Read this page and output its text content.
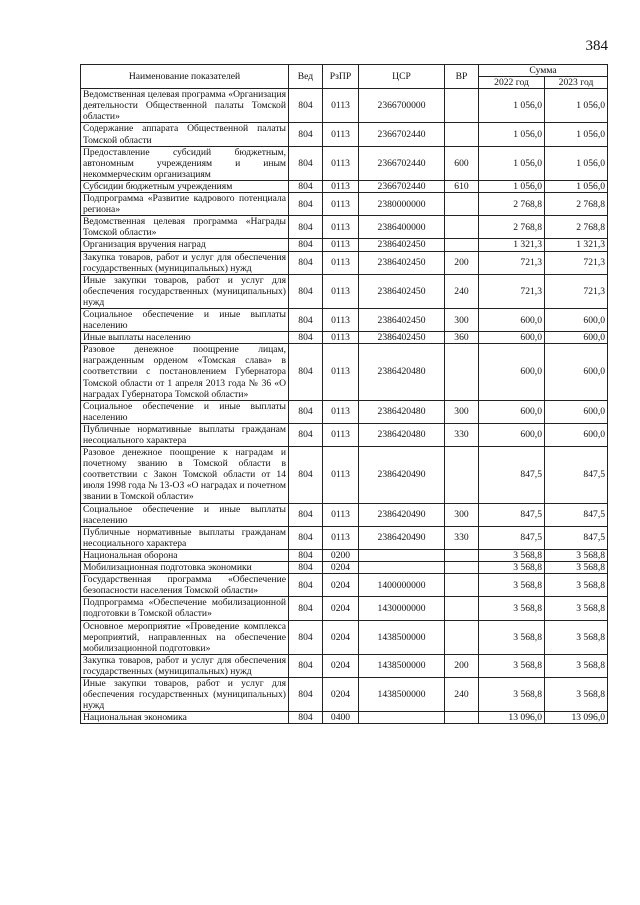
384
Наименование показателей	Вед	РзПР	ЦСР	ВР	Сумма	
					2022 год	2023 год
Ведомственная целевая программа «Организация деятельности Общественной палаты Томской области»	804	0113	2366700000		1 056,0	1 056,0
Содержание аппарата Общественной палаты Томской области	804	0113	2366702440		1 056,0	1 056,0
Предоставление субсидий бюджетным, автономным учреждениям и иным некоммерческим организациям	804	0113	2366702440	600	1 056,0	1 056,0
Субсидии бюджетным учреждениям	804	0113	2366702440	610	1 056,0	1 056,0
Подпрограмма «Развитие кадрового потенциала региона»	804	0113	2380000000		2 768,8	2 768,8
Ведомственная целевая программа «Награды Томской области»	804	0113	2386400000		2 768,8	2 768,8
Организация вручения наград	804	0113	2386402450		1 321,3	1 321,3
Закупка товаров, работ и услуг для обеспечения государственных (муниципальных) нужд	804	0113	2386402450	200	721,3	721,3
Иные закупки товаров, работ и услуг для обеспечения государственных (муниципальных) нужд	804	0113	2386402450	240	721,3	721,3
Социальное обеспечение и иные выплаты населению	804	0113	2386402450	300	600,0	600,0
Иные выплаты населению	804	0113	2386402450	360	600,0	600,0
Разовое денежное поощрение лицам, награжденным орденом «Томская слава» в соответствии с постановлением Губернатора Томской области от 1 апреля 2013 года № 36 «О наградах Губернатора Томской области»	804	0113	2386420480		600,0	600,0
Социальное обеспечение и иные выплаты населению	804	0113	2386420480	300	600,0	600,0
Публичные нормативные выплаты гражданам несоциального характера	804	0113	2386420480	330	600,0	600,0
Разовое денежное поощрение к наградам и почетному званию в Томской области в соответствии с Закон Томской области от 14 июля 1998 года № 13-ОЗ «О наградах и почетном звании в Томской области»	804	0113	2386420490		847,5	847,5
Социальное обеспечение и иные выплаты населению	804	0113	2386420490	300	847,5	847,5
Публичные нормативные выплаты гражданам несоциального характера	804	0113	2386420490	330	847,5	847,5
Национальная оборона	804	0200			3 568,8	3 568,8
Мобилизационная подготовка экономики	804	0204			3 568,8	3 568,8
Государственная программа «Обеспечение безопасности населения Томской области»	804	0204	1400000000		3 568,8	3 568,8
Подпрограмма «Обеспечение мобилизационной подготовки в Томской области»	804	0204	1430000000		3 568,8	3 568,8
Основное мероприятие «Проведение комплекса мероприятий, направленных на обеспечение мобилизационной подготовки»	804	0204	1438500000		3 568,8	3 568,8
Закупка товаров, работ и услуг для обеспечения государственных (муниципальных) нужд	804	0204	1438500000	200	3 568,8	3 568,8
Иные закупки товаров, работ и услуг для обеспечения государственных (муниципальных) нужд	804	0204	1438500000	240	3 568,8	3 568,8
Национальная экономика	804	0400			13 096,0	13 096,0
